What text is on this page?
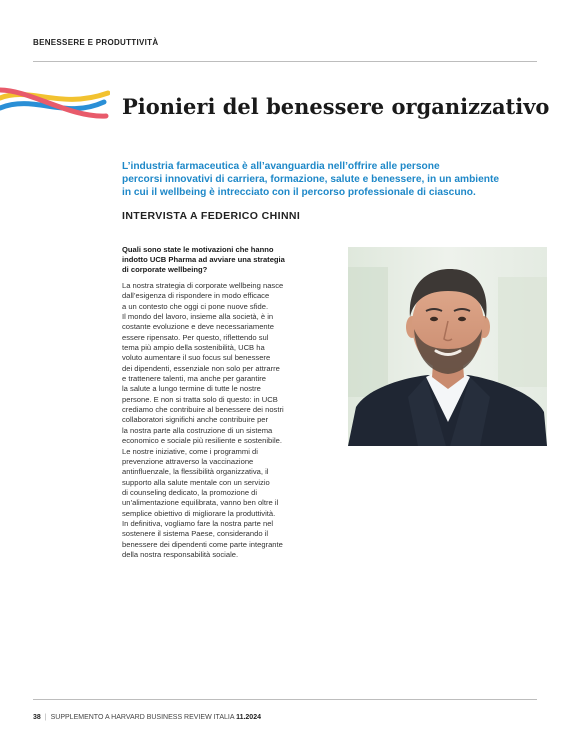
BENESSERE E PRODUTTIVITÀ
Pionieri del benessere organizzativo

L’industria farmaceutica è all’avanguardia nell’offrire alle persone
percorsi innovativi di carriera, formazione, salute e benessere, in un ambiente
in cui il wellbeing è intrecciato con il percorso professionale di ciascuno.

INTERVISTA A FEDERICO CHINNI

Quali sono state le motivazioni che hanno
indotto UCB Pharma ad avviare una strategia
di corporate wellbeing?

La nostra strategia di corporate wellbeing nasce
dall’esigenza di rispondere in modo efficace
a un contesto che oggi ci pone nuove sfide.
Il mondo del lavoro, insieme alla società, è in
costante evoluzione e deve necessariamente
essere ripensato. Per questo, riflettendo sul
tema più ampio della sostenibilità, UCB ha
voluto aumentare il suo focus sul benessere
dei dipendenti, essenziale non solo per attrarre
e trattenere talenti, ma anche per garantire
la salute a lungo termine di tutte le nostre
persone. E non si tratta solo di questo: in UCB
crediamo che contribuire al benessere dei nostri
collaboratori significhi anche contribuire per
la nostra parte alla costruzione di un sistema
economico e sociale più resiliente e sostenibile.
Le nostre iniziative, come i programmi di
prevenzione attraverso la vaccinazione
antinfluenzale, la flessibilità organizzativa, il
supporto alla salute mentale con un servizio
di counseling dedicato, la promozione di
un’alimentazione equilibrata, vanno ben oltre il
semplice obiettivo di migliorare la produttività.
In definitiva, vogliamo fare la nostra parte nel
sostenere il sistema Paese, considerando il
benessere dei dipendenti come parte integrante
della nostra responsabilità sociale.

38 | SUPPLEMENTO A HARVARD BUSINESS REVIEW ITALIA 11.2024
